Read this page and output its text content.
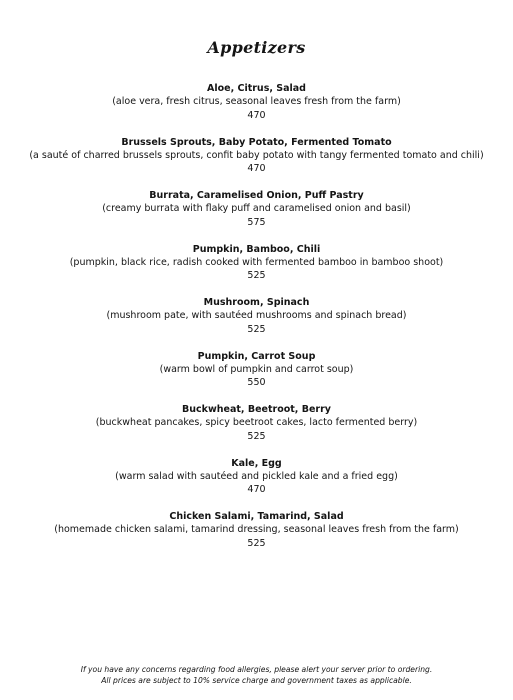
Appetizers
Aloe, Citrus, Salad
(aloe vera, fresh citrus, seasonal leaves fresh from the farm)
470
Brussels Sprouts, Baby Potato, Fermented Tomato
(a sauté of charred brussels sprouts, confit baby potato with tangy fermented tomato and chili)
470
Burrata, Caramelised Onion, Puff Pastry
(creamy burrata with flaky puff and caramelised onion and basil)
575
Pumpkin, Bamboo, Chili
(pumpkin, black rice, radish cooked with fermented bamboo in bamboo shoot)
525
Mushroom, Spinach
(mushroom pate, with sautéed mushrooms and spinach bread)
525
Pumpkin, Carrot Soup
(warm bowl of pumpkin and carrot soup)
550
Buckwheat, Beetroot, Berry
(buckwheat pancakes, spicy beetroot cakes, lacto fermented berry)
525
Kale, Egg
(warm salad with sautéed and pickled kale and a fried egg)
470
Chicken Salami, Tamarind, Salad
(homemade chicken salami, tamarind dressing, seasonal leaves fresh from the farm)
525
If you have any concerns regarding food allergies, please alert your server prior to ordering.
All prices are subject to 10% service charge and government taxes as applicable.
